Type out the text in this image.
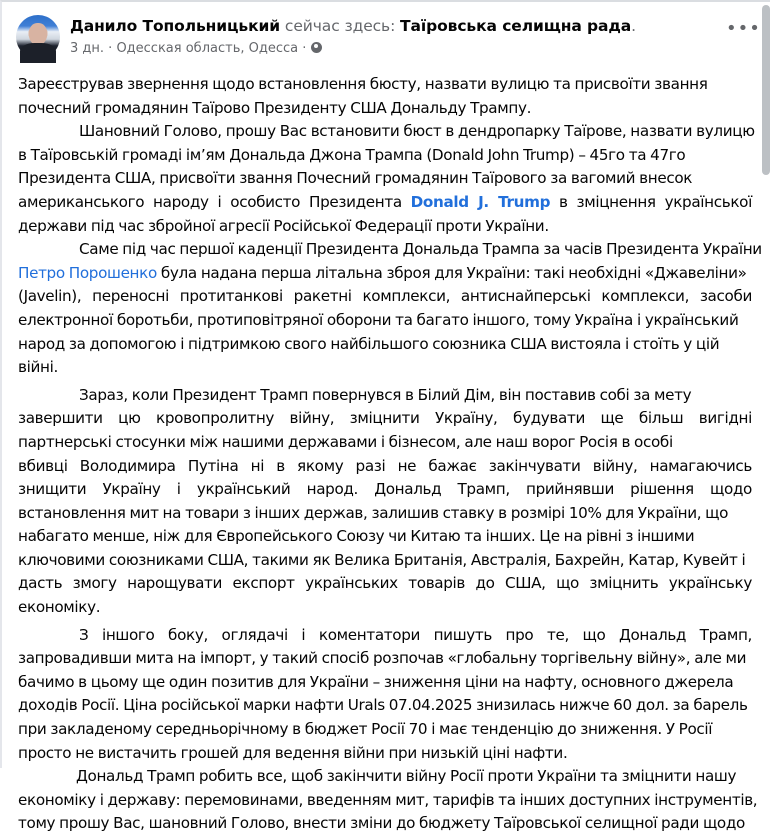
Данило Топольницький сейчас здесь: Таїровська селищна рада.
3 дн. · Одесская область, Одесса ·
•••
Зареєстрував звернення щодо встановлення бюсту, назвати вулицю та присвоїти звання
почесний громадянин Таїрово Президенту США Дональду Трампу.
Шановний Голово, прошу Вас встановити бюст в дендропарку Таїрове, назвати вулицю
в Таїровській громаді ім’ям Дональда Джона Трампа (Donald John Trump) – 45го та 47го
Президента США, присвоїти звання Почесний громадянин Таїрового за вагомий внесок
американського народу і особисто Президента Donald J. Trump в зміцнення української
держави під час збройної агресії Російської Федерації проти України.
Саме під час першої каденції Президента Дональда Трампа за часів Президента України
Петро Порошенко була надана перша літальна зброя для України: такі необхідні «Джавеліни»
(Javelin), переносні протитанкові ракетні комплекси, антиснайперські комплекси, засоби
електронної боротьби, протиповітряної оборони та багато іншого, тому Україна і український
народ за допомогою і підтримкою свого найбільшого союзника США вистояла і стоїть у цій
війні.
Зараз, коли Президент Трамп повернувся в Білий Дім, він поставив собі за мету
завершити цю кровопролитну війну, зміцнити Україну, будувати ще більш вигідні
партнерські стосунки між нашими державами і бізнесом, але наш ворог Росія в особі
вбивці Володимира Путіна ні в якому разі не бажає закінчувати війну, намагаючись
знищити Україну і український народ. Дональд Трамп, прийнявши рішення щодо
встановлення мит на товари з інших держав, залишив ставку в розмірі 10% для України, що
набагато менше, ніж для Європейського Союзу чи Китаю та інших. Це на рівні з іншими
ключовими союзниками США, такими як Велика Британія, Австралія, Бахрейн, Катар, Кувейт і
дасть змогу нарощувати експорт українських товарів до США, що зміцнить українську
економіку.
З іншого боку, оглядачі і коментатори пишуть про те, що Дональд Трамп,
запровадивши мита на імпорт, у такий спосіб розпочав «глобальну торгівельну війну», але ми
бачимо в цьому ще один позитив для України – зниження ціни на нафту, основного джерела
доходів Росії. Ціна російської марки нафти Urals 07.04.2025 знизилась нижче 60 дол. за барель
при закладеному середньорічному в бюджет Росії 70 і має тенденцію до зниження. У Росії
просто не вистачить грошей для ведення війни при низькій ціні нафти.
Дональд Трамп робить все, щоб закінчити війну Росії проти України та зміцнити нашу
економіку і державу: перемовинами, введенням мит, тарифів та інших доступних інструментів,
тому прошу Вас, шановний Голово, внести зміни до бюджету Таїровської селищної ради щодо
